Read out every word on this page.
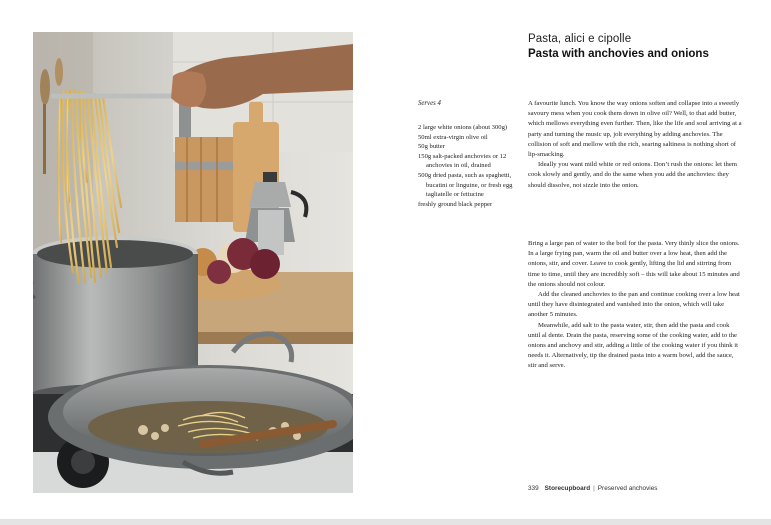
Pasta, alici e cipolle
Pasta with anchovies and onions
Serves 4
2 large white onions (about 300g)
50ml extra-virgin olive oil
50g butter
150g salt-packed anchovies or 12 anchovies in oil, drained
500g dried pasta, such as spaghetti, bucatini or linguine, or fresh egg tagliatelle or fettucine
freshly ground black pepper

A favourite lunch. You know the way onions soften and collapse into a sweetly savoury mess when you cook them down in olive oil? Well, to that add butter, which mellows everything even further. Then, like the life and soul arriving at a party and turning the music up, jolt everything by adding anchovies. The collision of soft and mellow with the rich, searing saltiness is nothing short of lip-smacking.

Ideally you want mild white or red onions. Don’t rush the onions: let them cook slowly and gently, and do the same when you add the anchovies: they should dissolve, not sizzle into the onion.

Bring a large pan of water to the boil for the pasta. Very thinly slice the onions. In a large frying pan, warm the oil and butter over a low heat, then add the onions, stir, and cover. Leave to cook gently, lifting the lid and stirring from time to time, until they are incredibly soft – this will take about 15 minutes and the onions should not colour.

Add the cleaned anchovies to the pan and continue cooking over a low heat until they have disintegrated and vanished into the onion, which will take another 5 minutes.

Meanwhile, add salt to the pasta water, stir, then add the pasta and cook until al dente. Drain the pasta, reserving some of the cooking water, add to the onions and anchovy and stir, adding a little of the cooking water if you think it needs it. Alternatively, tip the drained pasta into a warm bowl, add the sauce, stir and serve.

339 Storecupboard | Preserved anchovies
